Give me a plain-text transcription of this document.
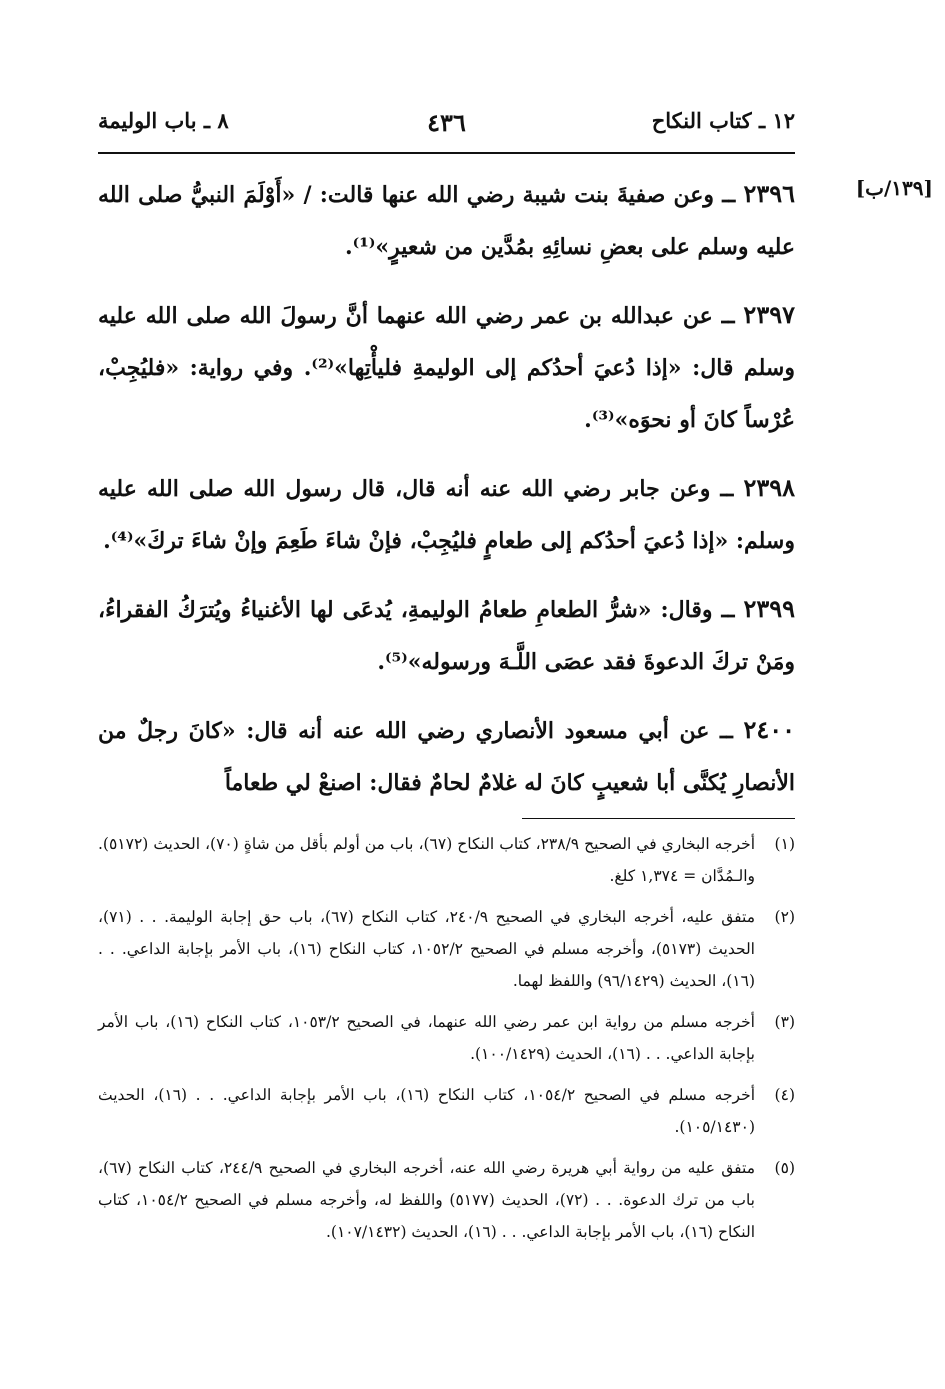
١٢ ـ كتاب النكاح
٤٣٦
٨ ـ باب الوليمة
[١٣٩/ب]

٢٣٩٦ ــ وعن صفيةَ بنت شيبة رضي الله عنها قالت: / «أَوْلَمَ النبيُّ صلى الله عليه وسلم على بعضِ نسائِهِ بمُدَّين من شعيرٍ»⁽¹⁾.

٢٣٩٧ ــ عن عبدالله بن عمر رضي الله عنهما أنَّ رسولَ الله صلى الله عليه وسلم قال: «إذا دُعيَ أحدُكم إلى الوليمةِ فليأْتِها»⁽²⁾. وفي رواية: «فليُجِبْ، عُرْساً كانَ أو نحوَه»⁽³⁾.

٢٣٩٨ ــ وعن جابر رضي الله عنه أنه قال، قال رسول الله صلى الله عليه وسلم: «إذا دُعيَ أحدُكم إلى طعامٍ فليُجِبْ، فإنْ شاءَ طَعِمَ وإنْ شاءَ تركَ»⁽⁴⁾.

٢٣٩٩ ــ وقال: «شرُّ الطعامِ طعامُ الوليمةِ، يُدعَى لها الأغنياءُ ويُترَكُ الفقراءُ، ومَنْ تركَ الدعوةَ فقد عصَى اللَّـهَ ورسوله»⁽⁵⁾.

٢٤٠٠ ــ عن أبي مسعود الأنصاري رضي الله عنه أنه قال: «كانَ رجلٌ من الأنصارِ يُكنَّى أبا شعيبٍ كانَ له غلامٌ لحامٌ فقال: اصنعْ لي طعاماً

(١)
أخرجه البخاري في الصحيح ٢٣٨/٩، كتاب النكاح (٦٧)، باب من أولم بأقل من شاةٍ (٧٠)، الحديث (٥١٧٢). والـمُدَّان = ١,٣٧٤ كلغ.
(٢)
متفق عليه، أخرجه البخاري في الصحيح ٢٤٠/٩، كتاب النكاح (٦٧)، باب حق إجابة الوليمة. . . (٧١)، الحديث (٥١٧٣)، وأخرجه مسلم في الصحيح ١٠٥٢/٢، كتاب النكاح (١٦)، باب الأمر بإجابة الداعي. . . (١٦)، الحديث (٩٦/١٤٢٩) واللفظ لهما.
(٣)
أخرجه مسلم من رواية ابن عمر رضي الله عنهما، في الصحيح ١٠٥٣/٢، كتاب النكاح (١٦)، باب الأمر بإجابة الداعي. . . (١٦)، الحديث (١٠٠/١٤٢٩).
(٤)
أخرجه مسلم في الصحيح ١٠٥٤/٢، كتاب النكاح (١٦)، باب الأمر بإجابة الداعي. . . (١٦)، الحديث (١٠٥/١٤٣٠).
(٥)
متفق عليه من رواية أبي هريرة رضي الله عنه، أخرجه البخاري في الصحيح ٢٤٤/٩، كتاب النكاح (٦٧)، باب من ترك الدعوة. . . (٧٢)، الحديث (٥١٧٧) واللفظ له، وأخرجه مسلم في الصحيح ١٠٥٤/٢، كتاب النكاح (١٦)، باب الأمر بإجابة الداعي. . . (١٦)، الحديث (١٠٧/١٤٣٢).
